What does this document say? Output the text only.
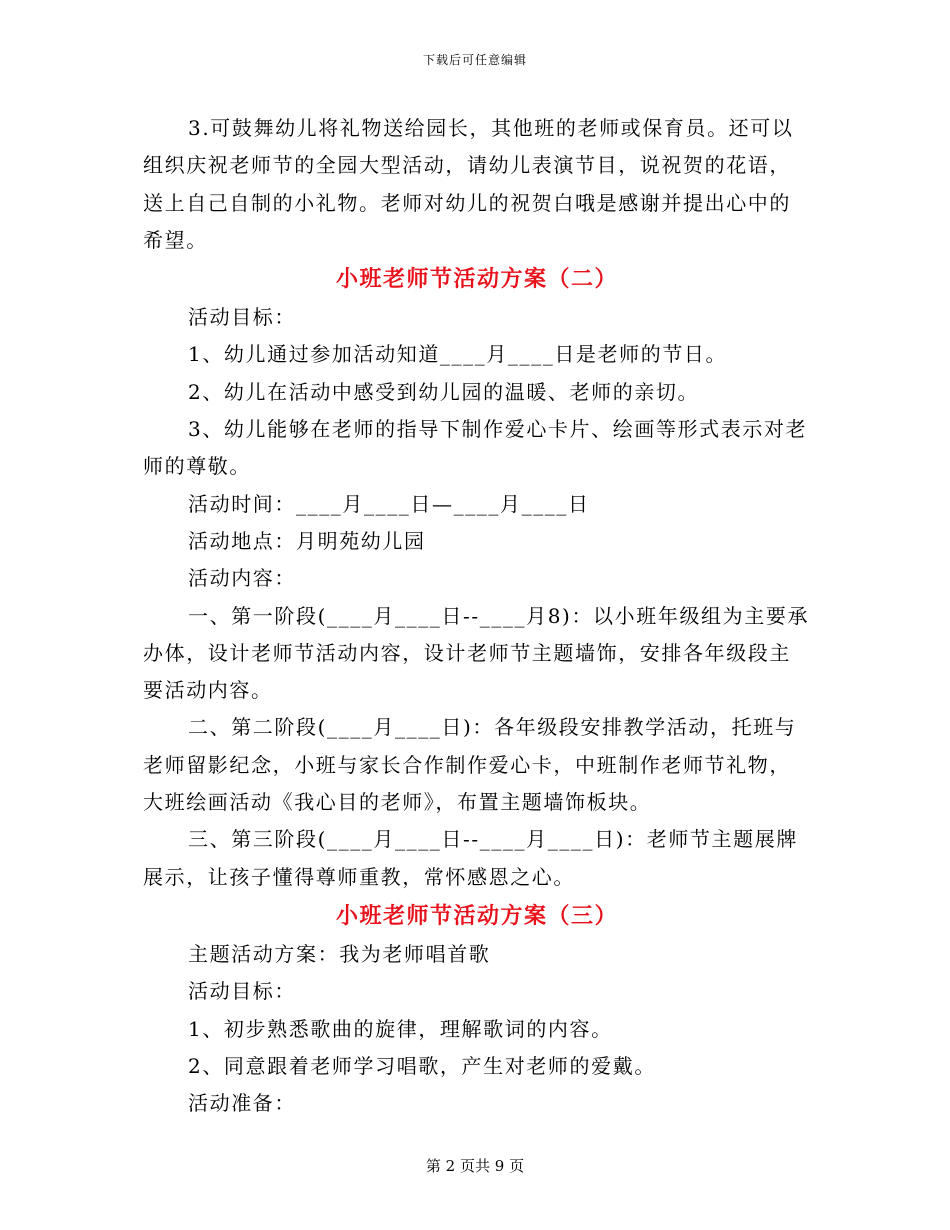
下载后可任意编辑

3.可鼓舞幼儿将礼物送给园长，其他班的老师或保育员。还可以组织庆祝老师节的全园大型活动，请幼儿表演节目，说祝贺的花语，送上自己自制的小礼物。老师对幼儿的祝贺白哦是感谢并提出心中的希望。

小班老师节活动方案（二）

活动目标：

1、幼儿通过参加活动知道____月____日是老师的节日。

2、幼儿在活动中感受到幼儿园的温暖、老师的亲切。

3、幼儿能够在老师的指导下制作爱心卡片、绘画等形式表示对老师的尊敬。

活动时间：____月____日—____月____日

活动地点：月明苑幼儿园

活动内容：

一、第一阶段(____月____日--____月8)：以小班年级组为主要承办体，设计老师节活动内容，设计老师节主题墙饰，安排各年级段主要活动内容。

二、第二阶段(____月____日)：各年级段安排教学活动，托班与老师留影纪念，小班与家长合作制作爱心卡，中班制作老师节礼物，大班绘画活动《我心目的老师》，布置主题墙饰板块。

三、第三阶段(____月____日--____月____日)：老师节主题展牌展示，让孩子懂得尊师重教，常怀感恩之心。

小班老师节活动方案（三）

主题活动方案：我为老师唱首歌

活动目标：

1、初步熟悉歌曲的旋律，理解歌词的内容。

2、同意跟着老师学习唱歌，产生对老师的爱戴。

活动准备：

第 2 页共 9 页
